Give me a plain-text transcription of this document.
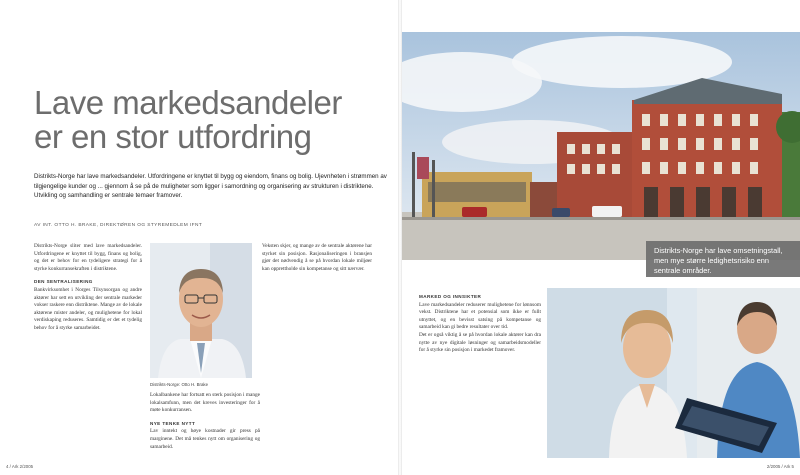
Lave markedsandeler
er en stor utfordring
Distrikts-Norge har lave markedsandeler. Utfordringene er knyttet til bygg og eiendom, finans og bolig. Ujevnheten i strømmen av tilgjengelige kunder og ... gjennom å se på de muligheter som ligger i samordning og organisering av strukturen i distriktene. Utvikling og samhandling er sentrale temaer framover.
AV INT. OTTO H. BRAKE, DIREKTØREN OG STYREMEDLEM IFNT

Distrikts-Norge sliter med lave markedsandeler. Utfordringene er knyttet til bygg, finans og bolig, og det er behov for en tydeligere strategi for å styrke konkurransekraften i distriktene.

DEN SENTRALISERING

Bankvirksomhet i Norges Tilsynsorgan og andre aktører har sett en utvikling der sentrale markeder vokser raskere enn distriktene. Mange av de lokale aktørene mister andeler, og mulighetene for lokal verdiskaping reduseres. Samtidig er det et tydelig behov for å styrke samarbeidet.

Distrikts-Norge: Otto H. Brake

Lokalbankene har fortsatt en sterk posisjon i mange lokalsamfunn, men det kreves investeringer for å møte konkurransen.

NYE TENKE NYTT

Lav inntekt og høye kostnader gir press på marginene. Det må tenkes nytt om organisering og samarbeid.

Veksten skjer, og mange av de sentrale aktørene har styrket sin posisjon. Rasjonaliseringen i bransjen gjør det nødvendig å se på hvordan lokale miljøer kan opprettholde sin kompetanse og sitt nærvær.

4 / Ark 2/2005
Distrikts-Norge har lave omsetningstall, men mye større ledighetsrisiko enn sentrale områder.
MARKED OG INNSIKTER

Lave markedsandeler reduserer mulighetene for lønnsom vekst. Distriktene har et potensial som ikke er fullt utnyttet, og en bevisst satsing på kompetanse og samarbeid kan gi bedre resultater over tid.

Det er også viktig å se på hvordan lokale aktører kan dra nytte av nye digitale løsninger og samarbeidsmodeller for å styrke sin posisjon i markedet framover.

2/2005 / Ark 5
